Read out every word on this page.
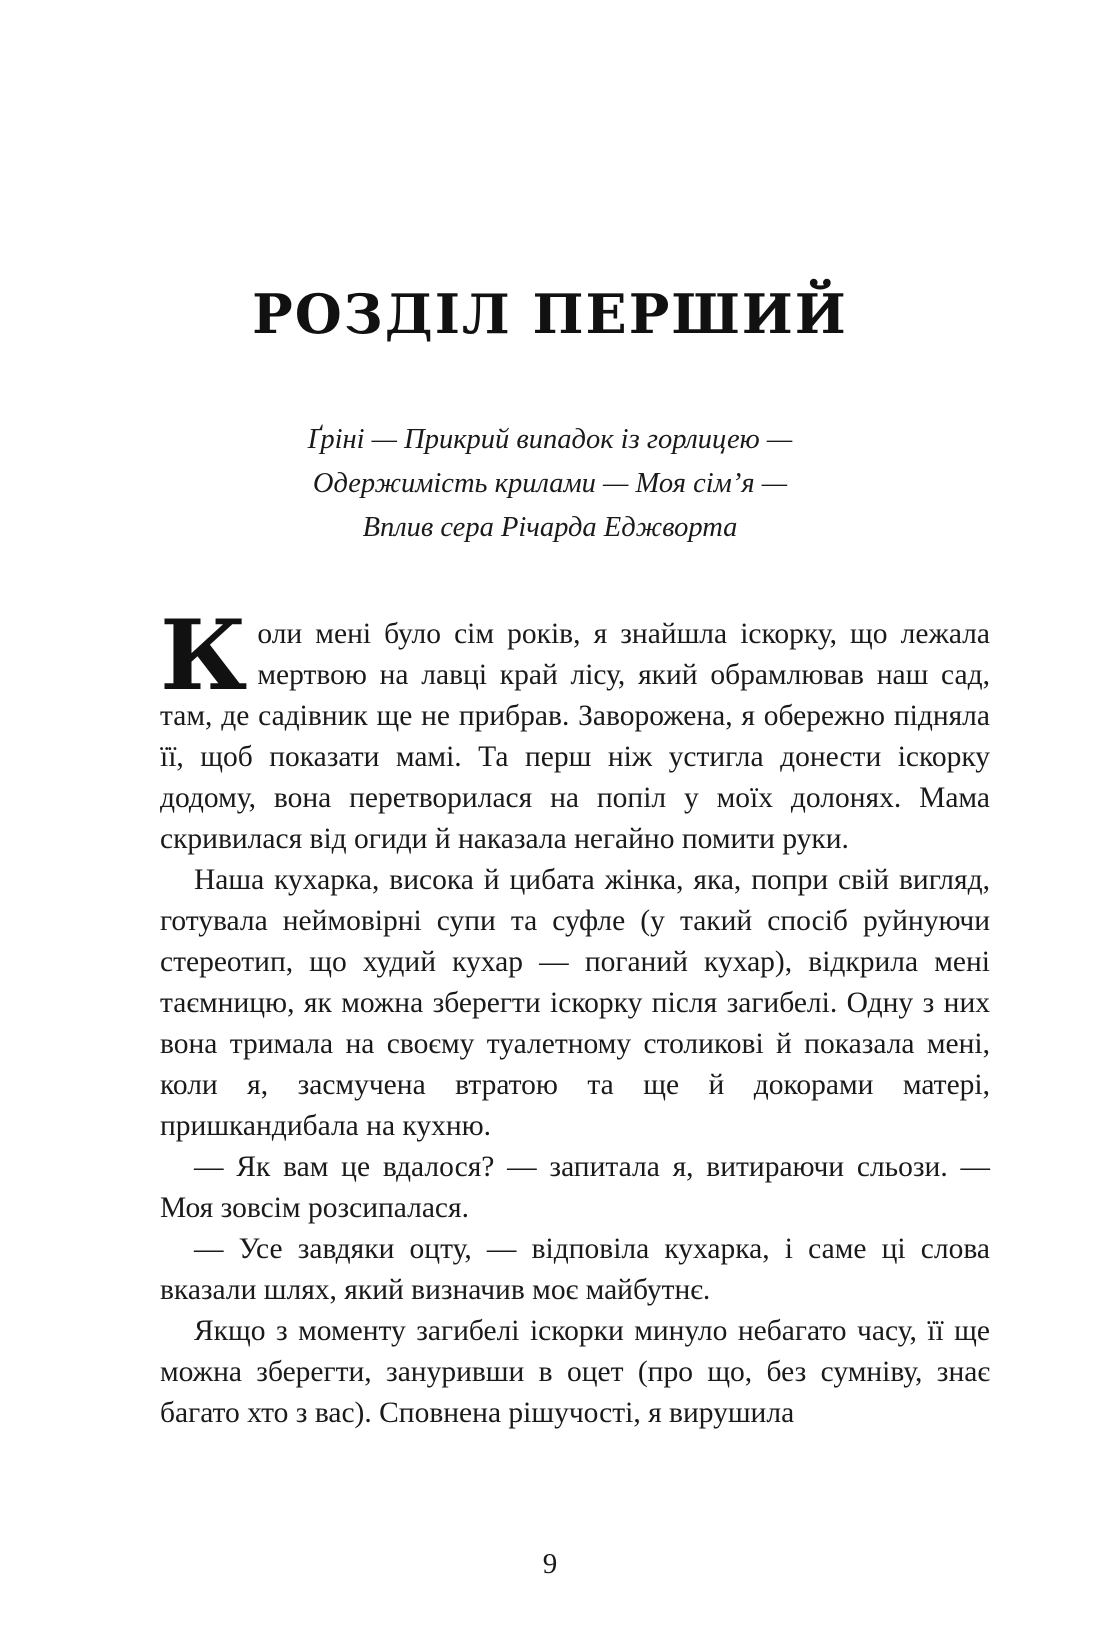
РОЗДІЛ ПЕРШИЙ
Ґріні — Прикрий випадок із горлицею —
Одержимість крилами — Моя сім’я —
Вплив сера Річарда Еджворта

Коли мені було сім років, я знайшла іскорку, що лежала мертвою на лавці край лісу, який обрамлював наш сад, там, де садівник ще не прибрав. Заворожена, я обережно підняла її, щоб показати мамі. Та перш ніж устигла донести іскорку додому, вона перетворилася на попіл у моїх долонях. Мама скривилася від огиди й наказала негайно помити руки.

Наша кухарка, висока й цибата жінка, яка, попри свій вигляд, готувала неймовірні супи та суфле (у такий спосіб руйнуючи стереотип, що худий кухар — поганий кухар), відкрила мені таємницю, як можна зберегти іскорку після загибелі. Одну з них вона тримала на своєму туалетному столикові й показала мені, коли я, засмучена втратою та ще й докорами матері, пришкандибала на кухню.

— Як вам це вдалося? — запитала я, витираючи сльози. — Моя зовсім розсипалася.

— Усе завдяки оцту, — відповіла кухарка, і саме ці слова вказали шлях, який визначив моє майбутнє.

Якщо з моменту загибелі іскорки минуло небагато часу, її ще можна зберегти, зануривши в оцет (про що, без сумніву, знає багато хто з вас). Сповнена рішучості, я вирушила

9
